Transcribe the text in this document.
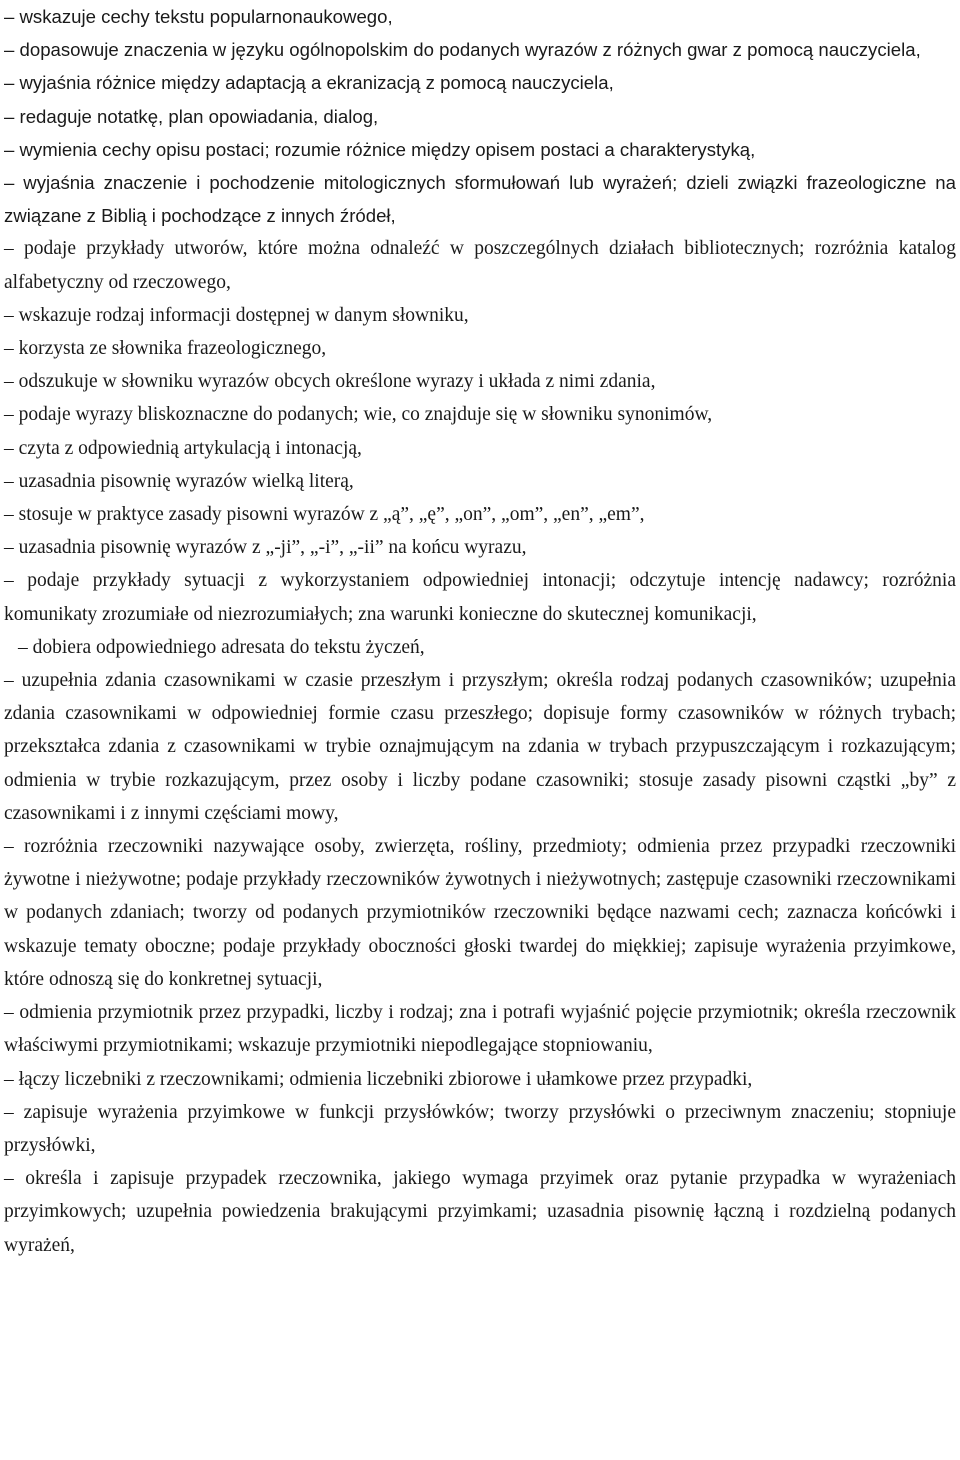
– wskazuje cechy tekstu popularnonaukowego,

– dopasowuje znaczenia w języku ogólnopolskim do podanych wyrazów z różnych gwar z pomocą nauczyciela,

– wyjaśnia różnice między adaptacją a ekranizacją z pomocą nauczyciela,

– redaguje notatkę, plan opowiadania, dialog,

– wymienia cechy opisu postaci; rozumie różnice między opisem postaci a charakterystyką,

– wyjaśnia znaczenie i pochodzenie mitologicznych sformułowań lub wyrażeń; dzieli związki frazeologiczne na związane z Biblią i pochodzące z innych źródeł,

– podaje przykłady utworów, które można odnaleźć w poszczególnych działach bibliotecznych; rozróżnia katalog alfabetyczny od rzeczowego,

– wskazuje rodzaj informacji dostępnej w danym słowniku,

– korzysta ze słownika frazeologicznego,

– odszukuje w słowniku wyrazów obcych określone wyrazy i układa z nimi zdania,

– podaje wyrazy bliskoznaczne do podanych; wie, co znajduje się w słowniku synonimów,

– czyta z odpowiednią artykulacją i intonacją,

– uzasadnia pisownię wyrazów wielką literą,

– stosuje w praktyce zasady pisowni wyrazów z „ą”, „ę”, „on”, „om”, „en”, „em”,

– uzasadnia pisownię wyrazów z „-ji”, „-i”, „-ii” na końcu wyrazu,

– podaje przykłady sytuacji z wykorzystaniem odpowiedniej intonacji; odczytuje intencję nadawcy; rozróżnia komunikaty zrozumiałe od niezrozumiałych; zna warunki konieczne do skutecznej komunikacji,

– dobiera odpowiedniego adresata do tekstu życzeń,

– uzupełnia zdania czasownikami w czasie przeszłym i przyszłym; określa rodzaj podanych czasowników; uzupełnia zdania czasownikami w odpowiedniej formie czasu przeszłego; dopisuje formy czasowników w różnych trybach; przekształca zdania z czasownikami w trybie oznajmującym na zdania w trybach przypuszczającym i rozkazującym; odmienia w trybie rozkazującym, przez osoby i liczby podane czasowniki; stosuje zasady pisowni cząstki „by” z czasownikami i z innymi częściami mowy,

– rozróżnia rzeczowniki nazywające osoby, zwierzęta, rośliny, przedmioty; odmienia przez przypadki rzeczowniki żywotne i nieżywotne; podaje przykłady rzeczowników żywotnych i nieżywotnych; zastępuje czasowniki rzeczownikami w podanych zdaniach; tworzy od podanych przymiotników rzeczowniki będące nazwami cech; zaznacza końcówki i wskazuje tematy oboczne; podaje przykłady oboczności głoski twardej do miękkiej; zapisuje wyrażenia przyimkowe, które odnoszą się do konkretnej sytuacji,

– odmienia przymiotnik przez przypadki, liczby i rodzaj; zna i potrafi wyjaśnić pojęcie przymiotnik; określa rzeczownik właściwymi przymiotnikami; wskazuje przymiotniki niepodlegające stopniowaniu,

– łączy liczebniki z rzeczownikami; odmienia liczebniki zbiorowe i ułamkowe przez przypadki,

– zapisuje wyrażenia przyimkowe w funkcji przysłówków; tworzy przysłówki o przeciwnym znaczeniu; stopniuje przysłówki,

– określa i zapisuje przypadek rzeczownika, jakiego wymaga przyimek oraz pytanie przypadka w wyrażeniach przyimkowych; uzupełnia powiedzenia brakującymi przyimkami; uzasadnia pisownię łączną i rozdzielną podanych wyrażeń,
